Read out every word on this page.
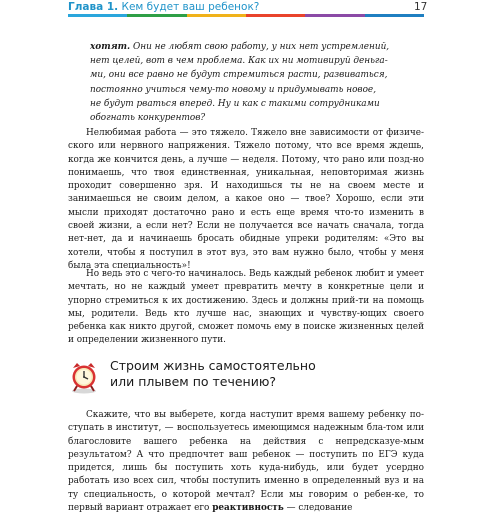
Глава 1. Кем будет ваш ребенок?	17
хотят. Они не любят свою работу, у них нет устремлений,
нет целей, вот в чем проблема. Как их ни мотивируй деньга-
ми, они все равно не будут стремиться расти, развиваться,
постоянно учиться чему-то новому и придумывать новое,
не будут рваться вперед. Ну и как с такими сотрудниками
обогнать конкурентов?

Нелюбимая работа — это тяжело. Тяжело вне зависимости от физиче-ского или нервного напряжения. Тяжело потому, что все время ждешь, когда же кончится день, а лучше — неделя. Потому, что рано или позд-но понимаешь, что твоя единственная, уникальная, неповторимая жизнь проходит совершенно зря. И находишься ты не на своем месте и занимаешься не своим делом, а какое оно — твое? Хорошо, если эти мысли приходят достаточно рано и есть еще время что-то изменить в своей жизни, а если нет? Если не получается все начать сначала, тогда нет-нет, да и начинаешь бросать обидные упреки родителям: «Это вы хотели, чтобы я поступил в этот вуз, это вам нужно было, чтобы у меня была эта специальность»!

Но ведь это с чего-то начиналось. Ведь каждый ребенок любит и умеет мечтать, но не каждый умеет превратить мечту в конкретные цели и упорно стремиться к их достижению. Здесь и должны прий-ти на помощь мы, родители. Ведь кто лучше нас, знающих и чувству-ющих своего ребенка как никто другой, сможет помочь ему в поиске жизненных целей и определении жизненного пути.

Строим жизнь самостоятельно
или плывем по течению?

Скажите, что вы выберете, когда наступит время вашему ребенку по-ступать в институт, — воспользуетесь имеющимся надежным бла-том или благословите вашего ребенка на действия с непредсказуе-мым результатом? А что предпочтет ваш ребенок — поступить по ЕГЭ куда придется, лишь бы поступить хоть куда-нибудь, или будет усердно работать изо всех сил, чтобы поступить именно в определенный вуз и на ту специальность, о которой мечтал? Если мы говорим о ребен-ке, то первый вариант отражает его реактивность — следование
